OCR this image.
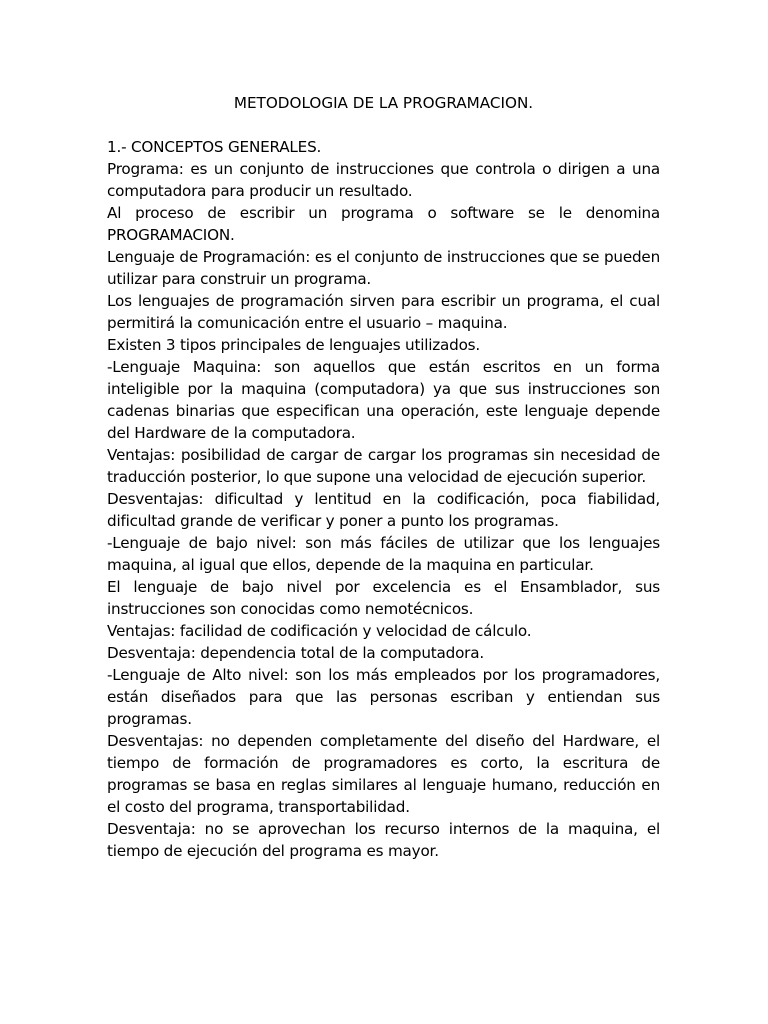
METODOLOGIA DE LA PROGRAMACION.

1.- CONCEPTOS GENERALES.

Programa: es un conjunto de instrucciones que controla o dirigen a una computadora para producir un resultado.

Al proceso de escribir un programa o software se le denomina PROGRAMACION.

Lenguaje de Programación: es el conjunto de instrucciones que se pueden utilizar para construir un programa.

Los lenguajes de programación sirven para escribir un programa, el cual permitirá la comunicación entre el usuario – maquina.

Existen 3 tipos principales de lenguajes utilizados.

-Lenguaje Maquina: son aquellos que están escritos en un forma inteligible por la maquina (computadora) ya que sus instrucciones son cadenas binarias que especifican una operación, este lenguaje depende del Hardware de la computadora.

Ventajas: posibilidad de cargar de cargar los programas sin necesidad de traducción posterior, lo que supone una velocidad de ejecución superior.

Desventajas: dificultad y lentitud en la codificación, poca fiabilidad, dificultad grande de verificar y poner a punto los programas.

-Lenguaje de bajo nivel: son más fáciles de utilizar que los lenguajes maquina, al igual que ellos, depende de la maquina en particular.

El lenguaje de bajo nivel por excelencia es el Ensamblador, sus instrucciones son conocidas como nemotécnicos.

Ventajas: facilidad de codificación y velocidad de cálculo.

Desventaja: dependencia total de la computadora.

-Lenguaje de Alto nivel: son los más empleados por los programadores, están diseñados para que las personas escriban y entiendan sus programas.

Desventajas: no dependen completamente del diseño del Hardware, el tiempo de formación de programadores es corto, la escritura de programas se basa en reglas similares al lenguaje humano, reducción en el costo del programa, transportabilidad.

Desventaja: no se aprovechan los recurso internos de la maquina, el tiempo de ejecución del programa es mayor.
